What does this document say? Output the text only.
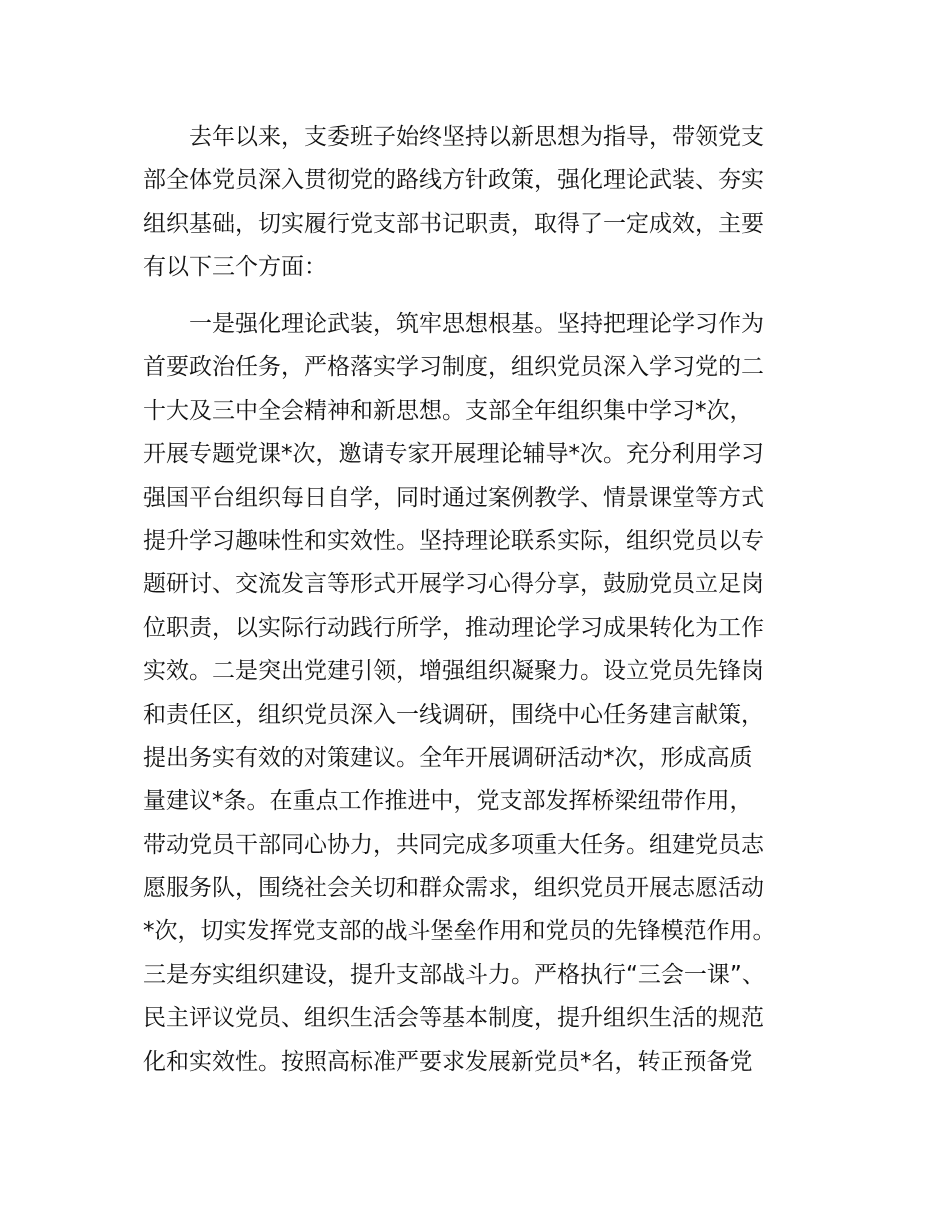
　　去年以来，支委班子始终坚持以新思想为指导，带领党支
部全体党员深入贯彻党的路线方针政策，强化理论武装、夯实
组织基础，切实履行党支部书记职责，取得了一定成效，主要
有以下三个方面：
　　一是强化理论武装，筑牢思想根基。坚持把理论学习作为
首要政治任务，严格落实学习制度，组织党员深入学习党的二
十大及三中全会精神和新思想。支部全年组织集中学习*次，
开展专题党课*次，邀请专家开展理论辅导*次。充分利用学习
强国平台组织每日自学，同时通过案例教学、情景课堂等方式
提升学习趣味性和实效性。坚持理论联系实际，组织党员以专
题研讨、交流发言等形式开展学习心得分享，鼓励党员立足岗
位职责，以实际行动践行所学，推动理论学习成果转化为工作
实效。二是突出党建引领，增强组织凝聚力。设立党员先锋岗
和责任区，组织党员深入一线调研，围绕中心任务建言献策，
提出务实有效的对策建议。全年开展调研活动*次，形成高质
量建议*条。在重点工作推进中，党支部发挥桥梁纽带作用，
带动党员干部同心协力，共同完成多项重大任务。组建党员志
愿服务队，围绕社会关切和群众需求，组织党员开展志愿活动
*次，切实发挥党支部的战斗堡垒作用和党员的先锋模范作用。
三是夯实组织建设，提升支部战斗力。严格执行“三会一课”、
民主评议党员、组织生活会等基本制度，提升组织生活的规范
化和实效性。按照高标准严要求发展新党员*名，转正预备党
